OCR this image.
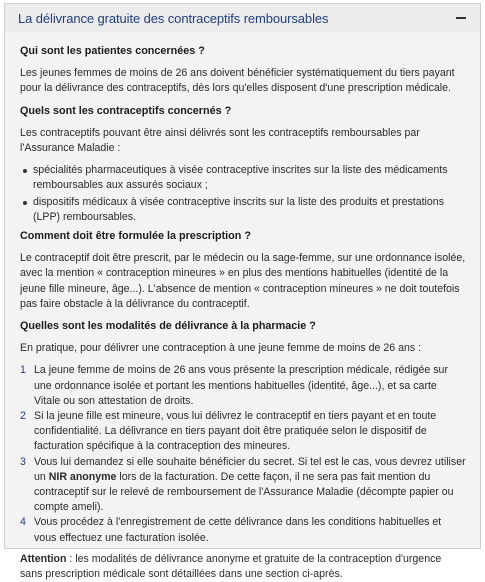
La délivrance gratuite des contraceptifs remboursables
Qui sont les patientes concernées ?
Les jeunes femmes de moins de 26 ans doivent bénéficier systématiquement du tiers payant pour la délivrance des contraceptifs, dès lors qu'elles disposent d'une prescription médicale.
Quels sont les contraceptifs concernés ?
Les contraceptifs pouvant être ainsi délivrés sont les contraceptifs remboursables par l'Assurance Maladie :
spécialités pharmaceutiques à visée contraceptive inscrites sur la liste des médicaments remboursables aux assurés sociaux ;
dispositifs médicaux à visée contraceptive inscrits sur la liste des produits et prestations (LPP) remboursables.
Comment doit être formulée la prescription ?
Le contraceptif doit être prescrit, par le médecin ou la sage-femme, sur une ordonnance isolée, avec la mention « contraception mineures » en plus des mentions habituelles (identité de la jeune fille mineure, âge...). L'absence de mention « contraception mineures » ne doit toutefois pas faire obstacle à la délivrance du contraceptif.
Quelles sont les modalités de délivrance à la pharmacie ?
En pratique, pour délivrer une contraception à une jeune femme de moins de 26 ans :
1 La jeune femme de moins de 26 ans vous présente la prescription médicale, rédigée sur une ordonnance isolée et portant les mentions habituelles (identité, âge...), et sa carte Vitale ou son attestation de droits.
2 Si la jeune fille est mineure, vous lui délivrez le contraceptif en tiers payant et en toute confidentialité. La délivrance en tiers payant doit être pratiquée selon le dispositif de facturation spécifique à la contraception des mineures.
3 Vous lui demandez si elle souhaite bénéficier du secret. Si tel est le cas, vous devrez utiliser un NIR anonyme lors de la facturation. De cette façon, il ne sera pas fait mention du contraceptif sur le relevé de remboursement de l'Assurance Maladie (décompte papier ou compte ameli).
4 Vous procédez à l'enregistrement de cette délivrance dans les conditions habituelles et vous effectuez une facturation isolée.
Attention : les modalités de délivrance anonyme et gratuite de la contraception d'urgence sans prescription médicale sont détaillées dans une section ci-après.
